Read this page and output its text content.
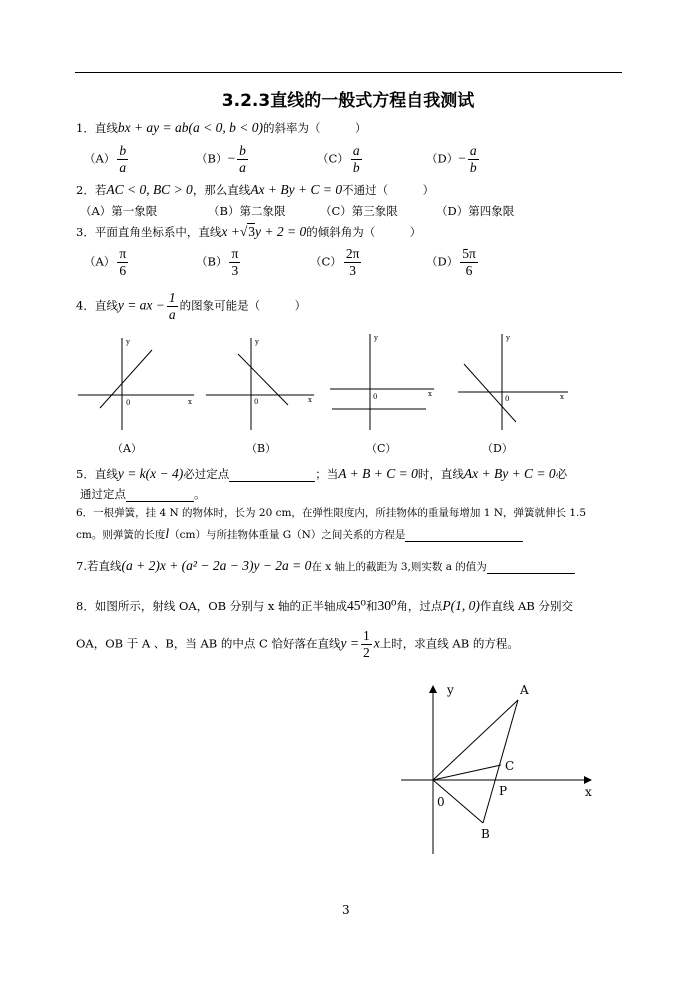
3.2.3直线的一般式方程自我测试
1．直线bx + ay = ab(a < 0, b < 0)的斜率为（　　　）
$(A) \frac{b}{a}$	$(B)- \frac{b}{a}$	$(C) \frac{a}{b}$	$(D)- \frac{a}{b}$
2．若AC < 0, BC > 0，那么直线Ax + By + C = 0不通过（　　　）
（A）第一象限	（B）第二象限	（C）第三象限	（D）第四象限
3．平面直角坐标系中，直线x +√3y + 2 = 0的倾斜角为（　　　）
$(A) \frac{\pi}{6}$	$(B) \frac{\pi}{3}$	$(C) \frac{2\pi}{3}$	$(D) \frac{5\pi}{6}$
4．直线y = ax − $\frac{1}{a}$ 的图象可能是（　　　）
y
x
0
（A）
y
x
0
（B）
y
x
0
（C）
y
x
0
（D）
5．直线y = k(x − 4)必过定点	；当A + B + C = 0时，直线Ax + By + C = 0必
通过定点	。
6．一根弹簧，挂 4 N 的物体时，长为 20 cm，在弹性限度内，所挂物体的重量每增加 1 N，弹簧就伸长 1.5
cm。则弹簧的长度l（cm）与所挂物体重量 G（N）之间关系的方程是
7.若直线(a + 2)x + (a² − 2a − 3)y − 2a = 0在 x 轴上的截距为 3,则实数 a 的值为
8．如图所示，射线 OA，OB 分别与 x 轴的正半轴成45⁰和30⁰角，过点P(1, 0)作直线 AB 分别交
OA，OB 于 A 、B，当 AB 的中点 C 恰好落在直线$y = \frac{1}{2}$ x上时，求直线 AB 的方程。
y
x
0
A
C
P
B
3
